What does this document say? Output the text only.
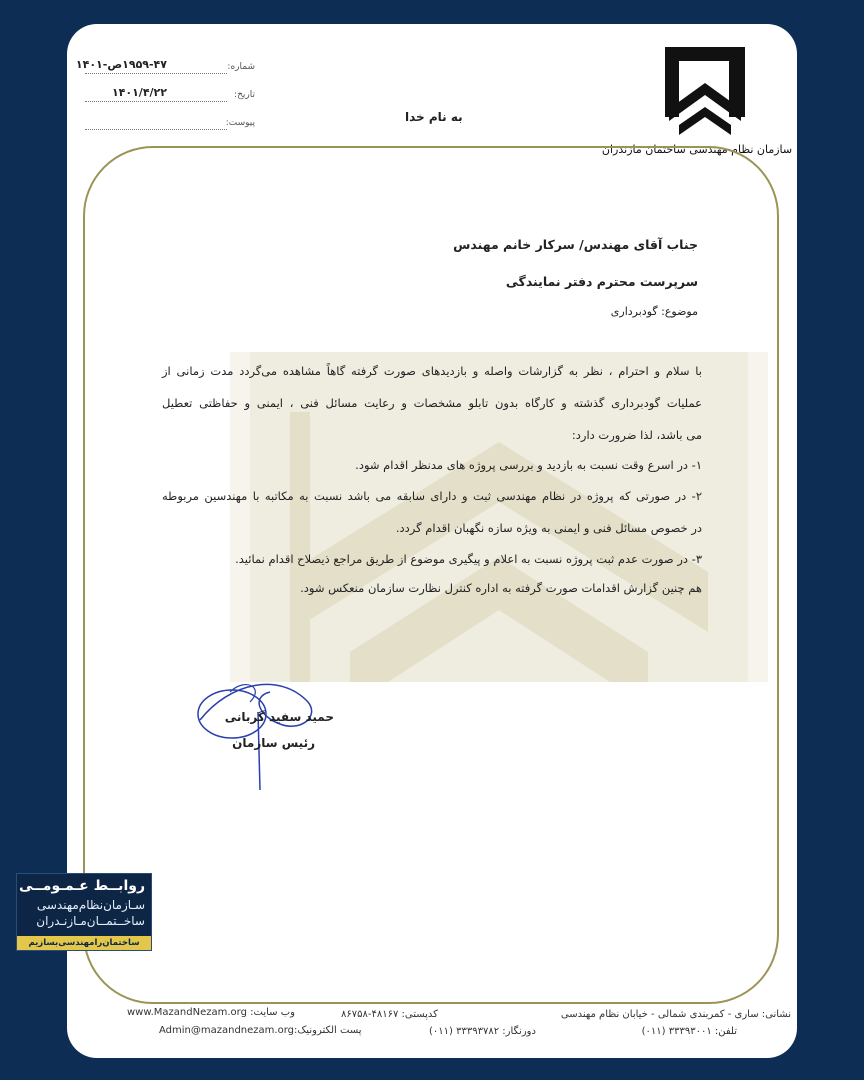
سازمان نظام مهندسی ساختمان مازندران
به نام خدا
شماره:
۱۹۵۹-۴۷ص-۱۴۰۱
تاریخ:
۱۴۰۱/۴/۲۲
پیوست:
جناب آقای مهندس/ سرکار خانم مهندس
سرپرست محترم دفتر نمایندگی
موضوع: گودبرداری
با سلام و احترام ، نظر به گزارشات واصله و بازدیدهای صورت گرفته گاهاً مشاهده می‌گردد مدت زمانی از
عملیات گودبرداری گذشته و کارگاه بدون تابلو مشخصات و رعایت مسائل فنی ، ایمنی و حفاظتی تعطیل
می باشد، لذا ضرورت دارد:
۱- در اسرع وقت نسبت به بازدید و بررسی پروژه های مدنظر اقدام شود.
۲- در صورتی که پروژه در نظام مهندسی ثبت و دارای سابقه می باشد نسبت به مکاتبه با مهندسین مربوطه
در خصوص مسائل فنی و ایمنی به ویژه سازه نگهبان اقدام گردد.
۳- در صورت عدم ثبت پروژه نسبت به اعلام و پیگیری موضوع از طریق مراجع ذیصلاح اقدام نمائید.
هم چنین گزارش اقدامات صورت گرفته به اداره کنترل نظارت سازمان منعکس شود.
حمید سفید گربانی
رئیس سازمان
نشانی: ساری - کمربندی شمالی - خیابان نظام مهندسی
کدپستی: ۴۸۱۶۷-۸۶۷۵۸
www.MazandNezam.org :وب سایت
تلفن: ۳۳۳۹۳۰۰۱ (۰۱۱)
دورنگار: ۳۳۳۹۳۷۸۲ (۰۱۱)
Admin@mazandnezam.org:پست الکترونیک
روابــط عـمـومــی
سـازمان‌نظام‌مهندسی
ساخــتمــان‌مـازنـدران
ساختمان‌را‌مهندسی‌بسازیم
